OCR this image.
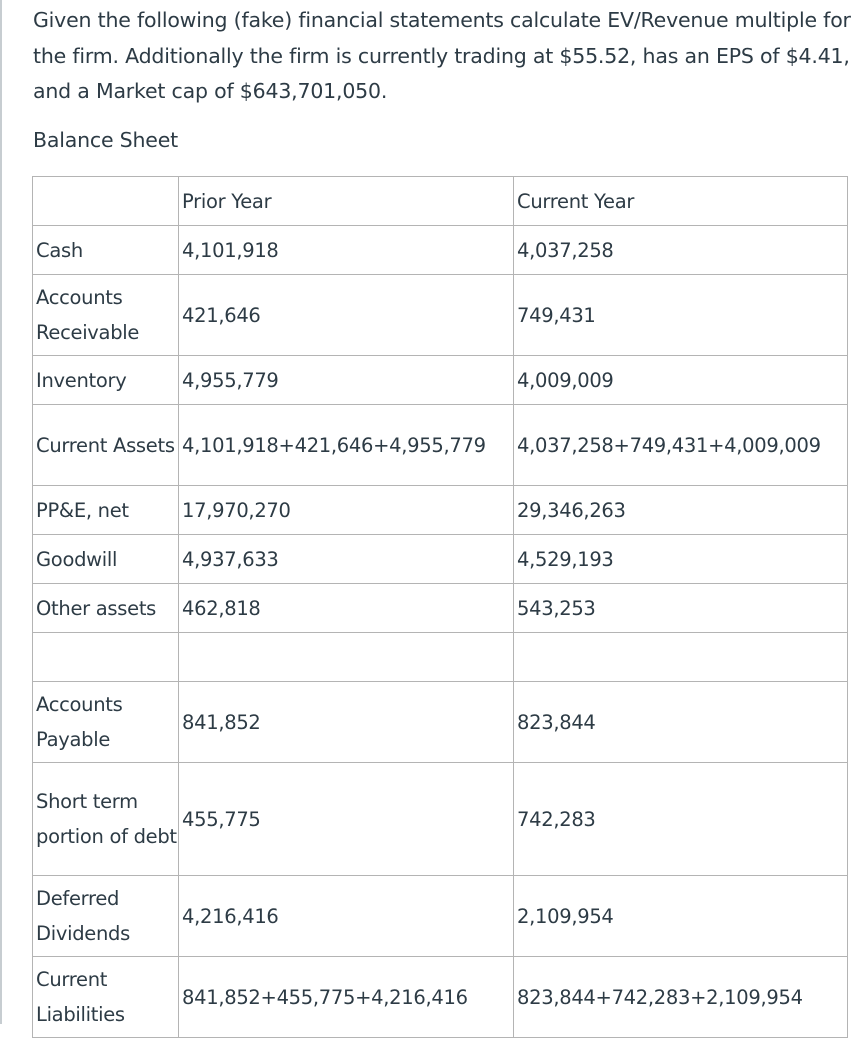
Given the following (fake) financial statements calculate EV/Revenue multiple for the firm. Additionally the firm is currently trading at $55.52, has an EPS of $4.41, and a Market cap of $643,701,050.

Balance Sheet

	Prior Year	Current Year
Cash	4,101,918	4,037,258
Accounts Receivable	421,646	749,431
Inventory	4,955,779	4,009,009
Current Assets	4,101,918+421,646+4,955,779	4,037,258+749,431+4,009,009
PP&E, net	17,970,270	29,346,263
Goodwill	4,937,633	4,529,193
Other assets	462,818	543,253

Accounts Payable	841,852	823,844
Short term portion of debt	455,775	742,283
Deferred Dividends	4,216,416	2,109,954
Current Liabilities	841,852+455,775+4,216,416	823,844+742,283+2,109,954
